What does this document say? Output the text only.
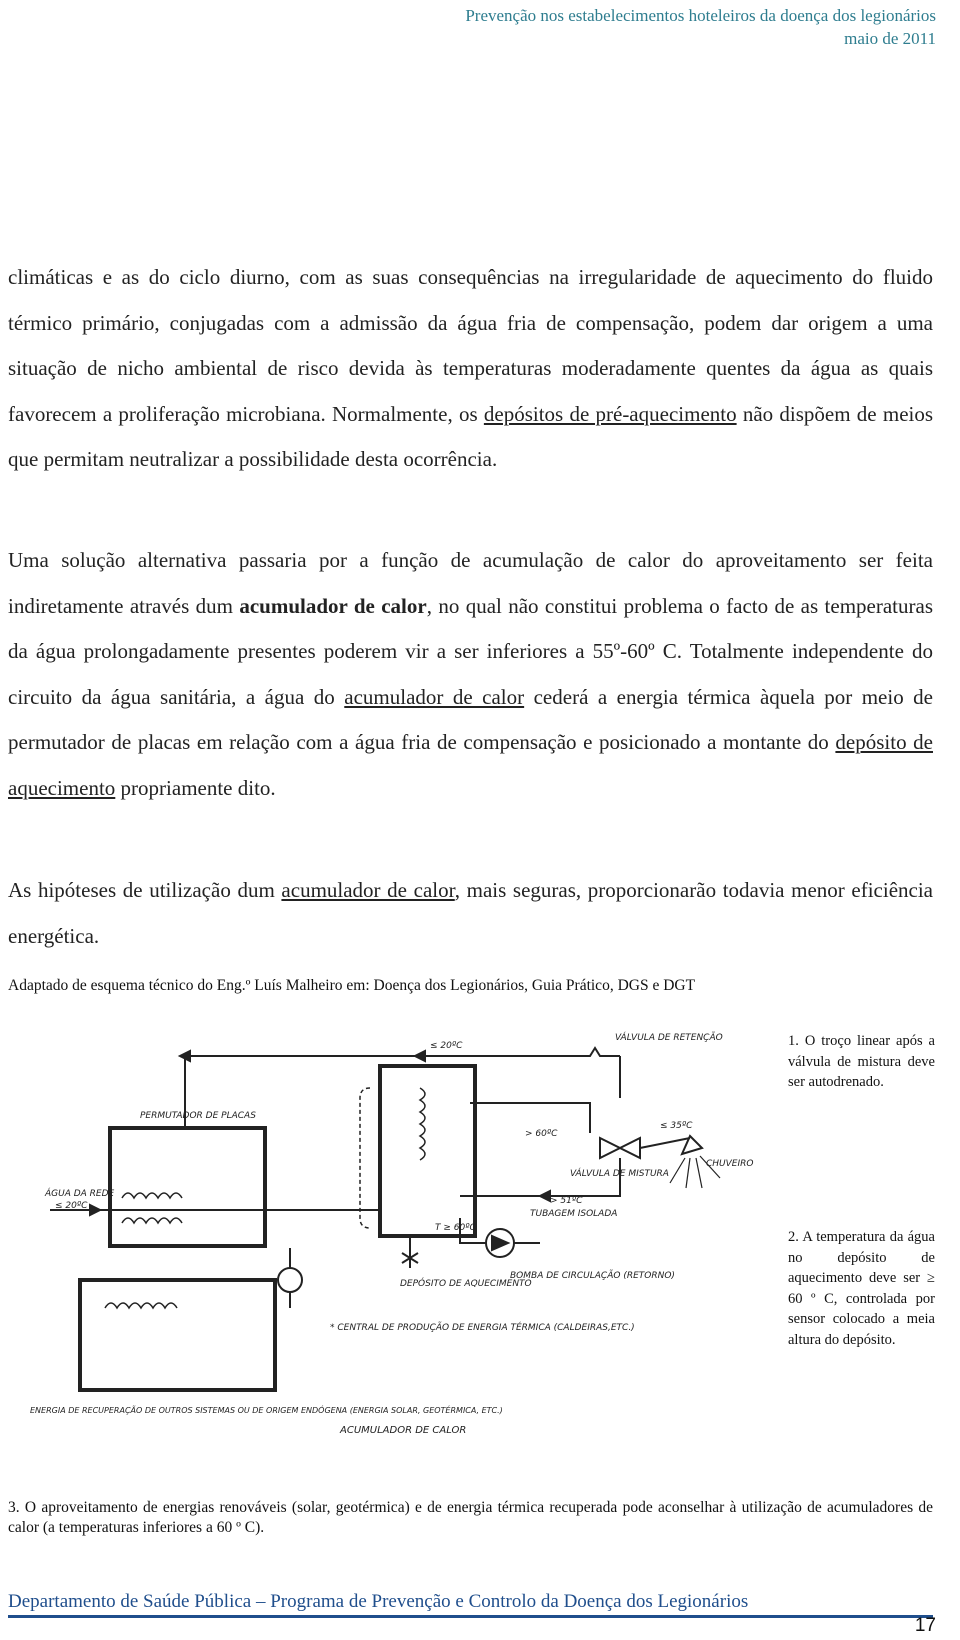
Prevenção nos estabelecimentos hoteleiros da doença dos legionários
maio de 2011
climáticas e as do ciclo diurno, com as suas consequências na irregularidade de aquecimento do fluido térmico primário, conjugadas com a admissão da água fria de compensação, podem dar origem a uma situação de nicho ambiental de risco devida às temperaturas moderadamente quentes da água as quais favorecem a proliferação microbiana. Normalmente, os depósitos de pré-aquecimento não dispõem de meios que permitam neutralizar a possibilidade desta ocorrência.
Uma solução alternativa passaria por a função de acumulação de calor do aproveitamento ser feita indiretamente através dum acumulador de calor, no qual não constitui problema o facto de as temperaturas da água prolongadamente presentes poderem vir a ser inferiores a 55º-60º C. Totalmente independente do circuito da água sanitária, a água do acumulador de calor cederá a energia térmica àquela por meio de permutador de placas em relação com a água fria de compensação e posicionado a montante do depósito de aquecimento propriamente dito.
As hipóteses de utilização dum acumulador de calor, mais seguras, proporcionarão todavia menor eficiência energética.
Adaptado de esquema técnico do Eng.º Luís Malheiro em: Doença dos Legionários, Guia Prático, DGS e DGT
≤ 20ºC
VÁLVULA DE RETENÇÃO
≤ 35ºC
> 60ºC
VÁLVULA DE MISTURA
CHUVEIRO
> 51ºC
TUBAGEM ISOLADA
T ≥ 60ºC
PERMUTADOR DE PLACAS
ÁGUA DA REDE
≤ 20ºC
DEPÓSITO DE AQUECIMENTO
BOMBA DE CIRCULAÇÃO (RETORNO)
* CENTRAL DE PRODUÇÃO DE ENERGIA TÉRMICA (CALDEIRAS,ETC.)
ENERGIA DE RECUPERAÇÃO DE OUTROS SISTEMAS OU DE ORIGEM ENDÓGENA (ENERGIA SOLAR, GEOTÉRMICA, ETC.)
ACUMULADOR DE CALOR
1. O troço linear após a válvula de mistura deve ser autodrenado.
2. A temperatura da água no depósito de aquecimento deve ser ≥ 60 º C, controlada por sensor colocado a meia altura do depósito.
3. O aproveitamento de energias renováveis (solar, geotérmica) e de energia térmica recuperada pode aconselhar à utilização de acumuladores de calor (a temperaturas inferiores a 60 º C).
Departamento de Saúde Pública – Programa de Prevenção e Controlo da Doença dos Legionários
17
